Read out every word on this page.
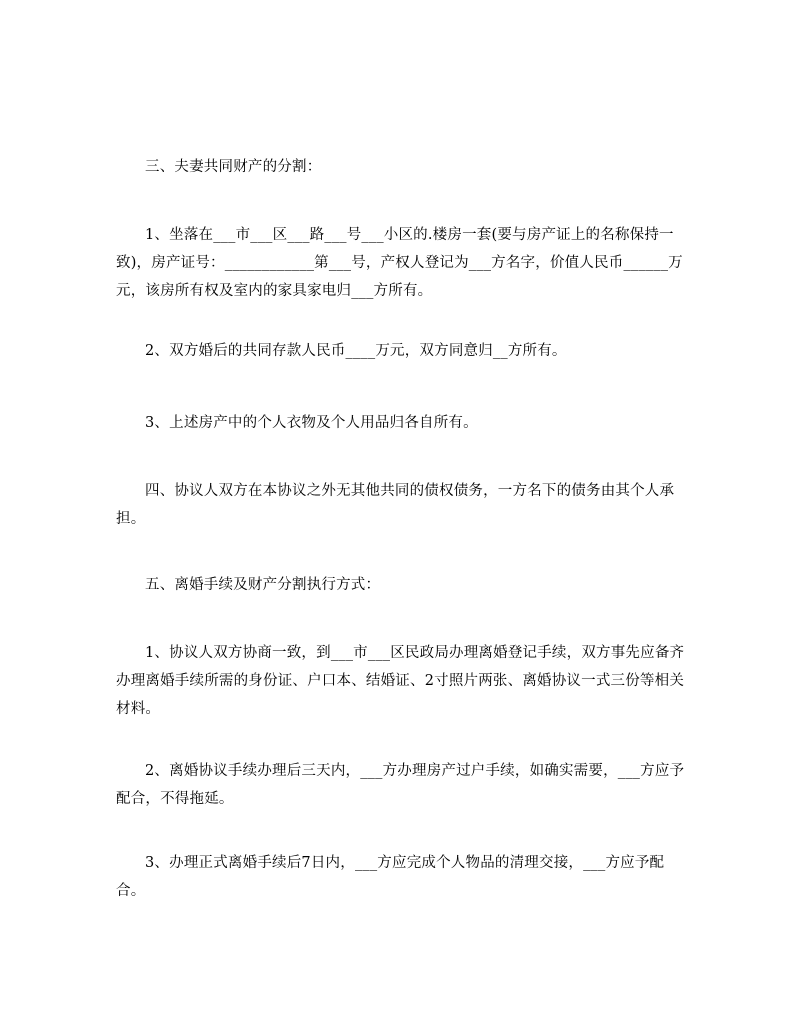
三、夫妻共同财产的分割：

1、坐落在___市___区___路___号___小区的.楼房一套(要与房产证上的名称保持一致)，房产证号：____________第___号，产权人登记为___方名字，价值人民币______万元，该房所有权及室内的家具家电归___方所有。

2、双方婚后的共同存款人民币____万元，双方同意归__方所有。

3、上述房产中的个人衣物及个人用品归各自所有。

四、协议人双方在本协议之外无其他共同的债权债务，一方名下的债务由其个人承担。

五、离婚手续及财产分割执行方式：

1、协议人双方协商一致，到___市___区民政局办理离婚登记手续，双方事先应备齐办理离婚手续所需的身份证、户口本、结婚证、2寸照片两张、离婚协议一式三份等相关材料。

2、离婚协议手续办理后三天内，___方办理房产过户手续，如确实需要，___方应予配合，不得拖延。

3、办理正式离婚手续后7日内，___方应完成个人物品的清理交接，___方应予配合。
